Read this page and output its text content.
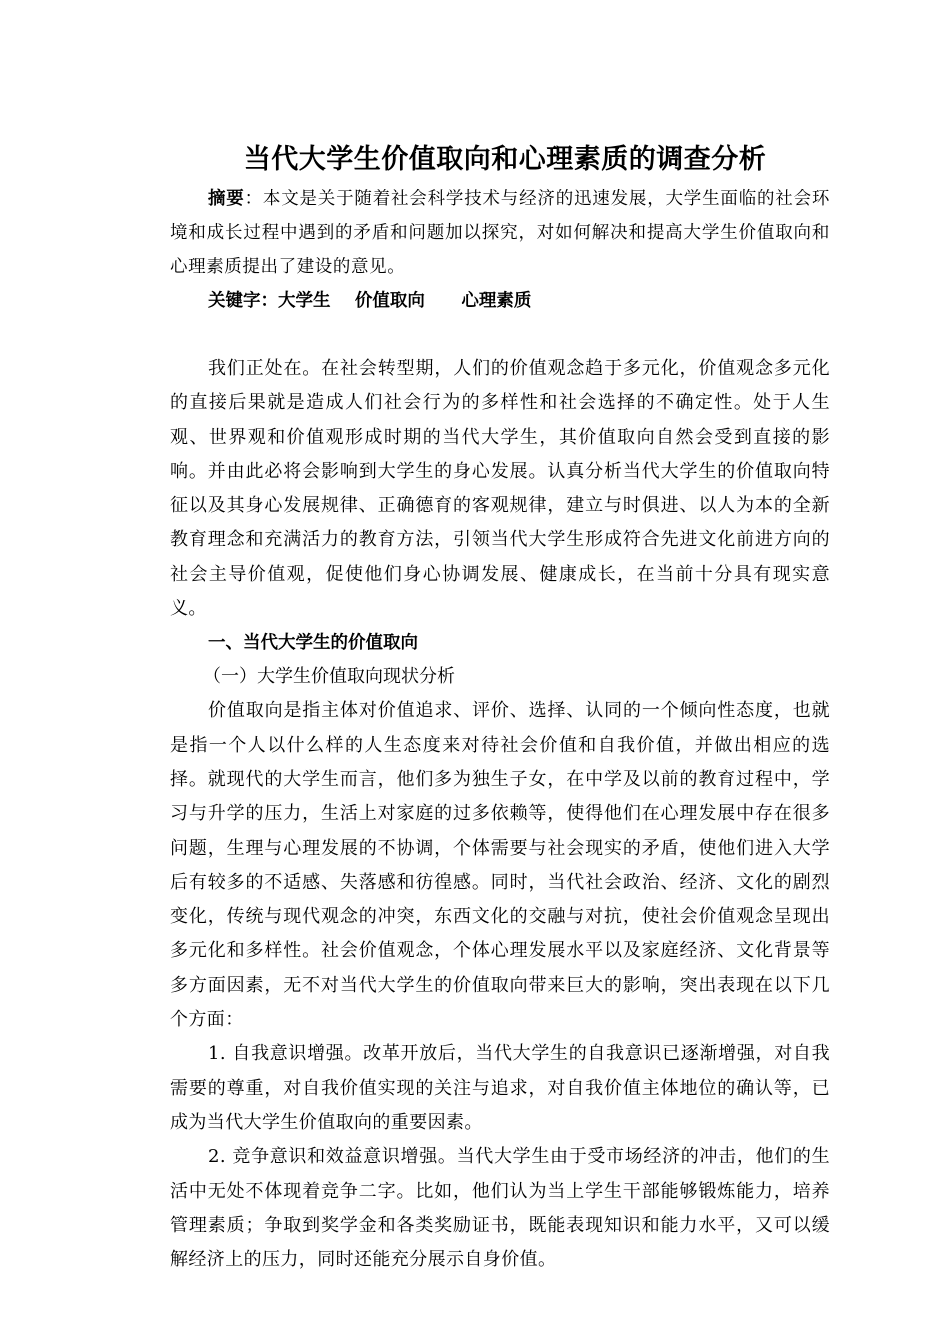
当代大学生价值取向和心理素质的调查分析

摘要：本文是关于随着社会科学技术与经济的迅速发展，大学生面临的社会环境和成长过程中遇到的矛盾和问题加以探究，对如何解决和提高大学生价值取向和心理素质提出了建设的意见。

关键字：大学生    价值取向      心理素质

我们正处在。在社会转型期，人们的价值观念趋于多元化，价值观念多元化的直接后果就是造成人们社会行为的多样性和社会选择的不确定性。处于人生观、世界观和价值观形成时期的当代大学生，其价值取向自然会受到直接的影响。并由此必将会影响到大学生的身心发展。认真分析当代大学生的价值取向特征以及其身心发展规律、正确德育的客观规律，建立与时俱进、以人为本的全新教育理念和充满活力的教育方法，引领当代大学生形成符合先进文化前进方向的社会主导价值观，促使他们身心协调发展、健康成长，在当前十分具有现实意义。

一、当代大学生的价值取向

（一）大学生价值取向现状分析

价值取向是指主体对价值追求、评价、选择、认同的一个倾向性态度，也就是指一个人以什么样的人生态度来对待社会价值和自我价值，并做出相应的选择。就现代的大学生而言，他们多为独生子女，在中学及以前的教育过程中，学习与升学的压力，生活上对家庭的过多依赖等，使得他们在心理发展中存在很多问题，生理与心理发展的不协调，个体需要与社会现实的矛盾，使他们进入大学后有较多的不适感、失落感和彷徨感。同时，当代社会政治、经济、文化的剧烈变化，传统与现代观念的冲突，东西文化的交融与对抗，使社会价值观念呈现出多元化和多样性。社会价值观念，个体心理发展水平以及家庭经济、文化背景等多方面因素，无不对当代大学生的价值取向带来巨大的影响，突出表现在以下几个方面：

1. 自我意识增强。改革开放后，当代大学生的自我意识已逐渐增强，对自我需要的尊重，对自我价值实现的关注与追求，对自我价值主体地位的确认等，已成为当代大学生价值取向的重要因素。

2. 竞争意识和效益意识增强。当代大学生由于受市场经济的冲击，他们的生活中无处不体现着竞争二字。比如，他们认为当上学生干部能够锻炼能力，培养管理素质；争取到奖学金和各类奖励证书，既能表现知识和能力水平，又可以缓解经济上的压力，同时还能充分展示自身价值。
